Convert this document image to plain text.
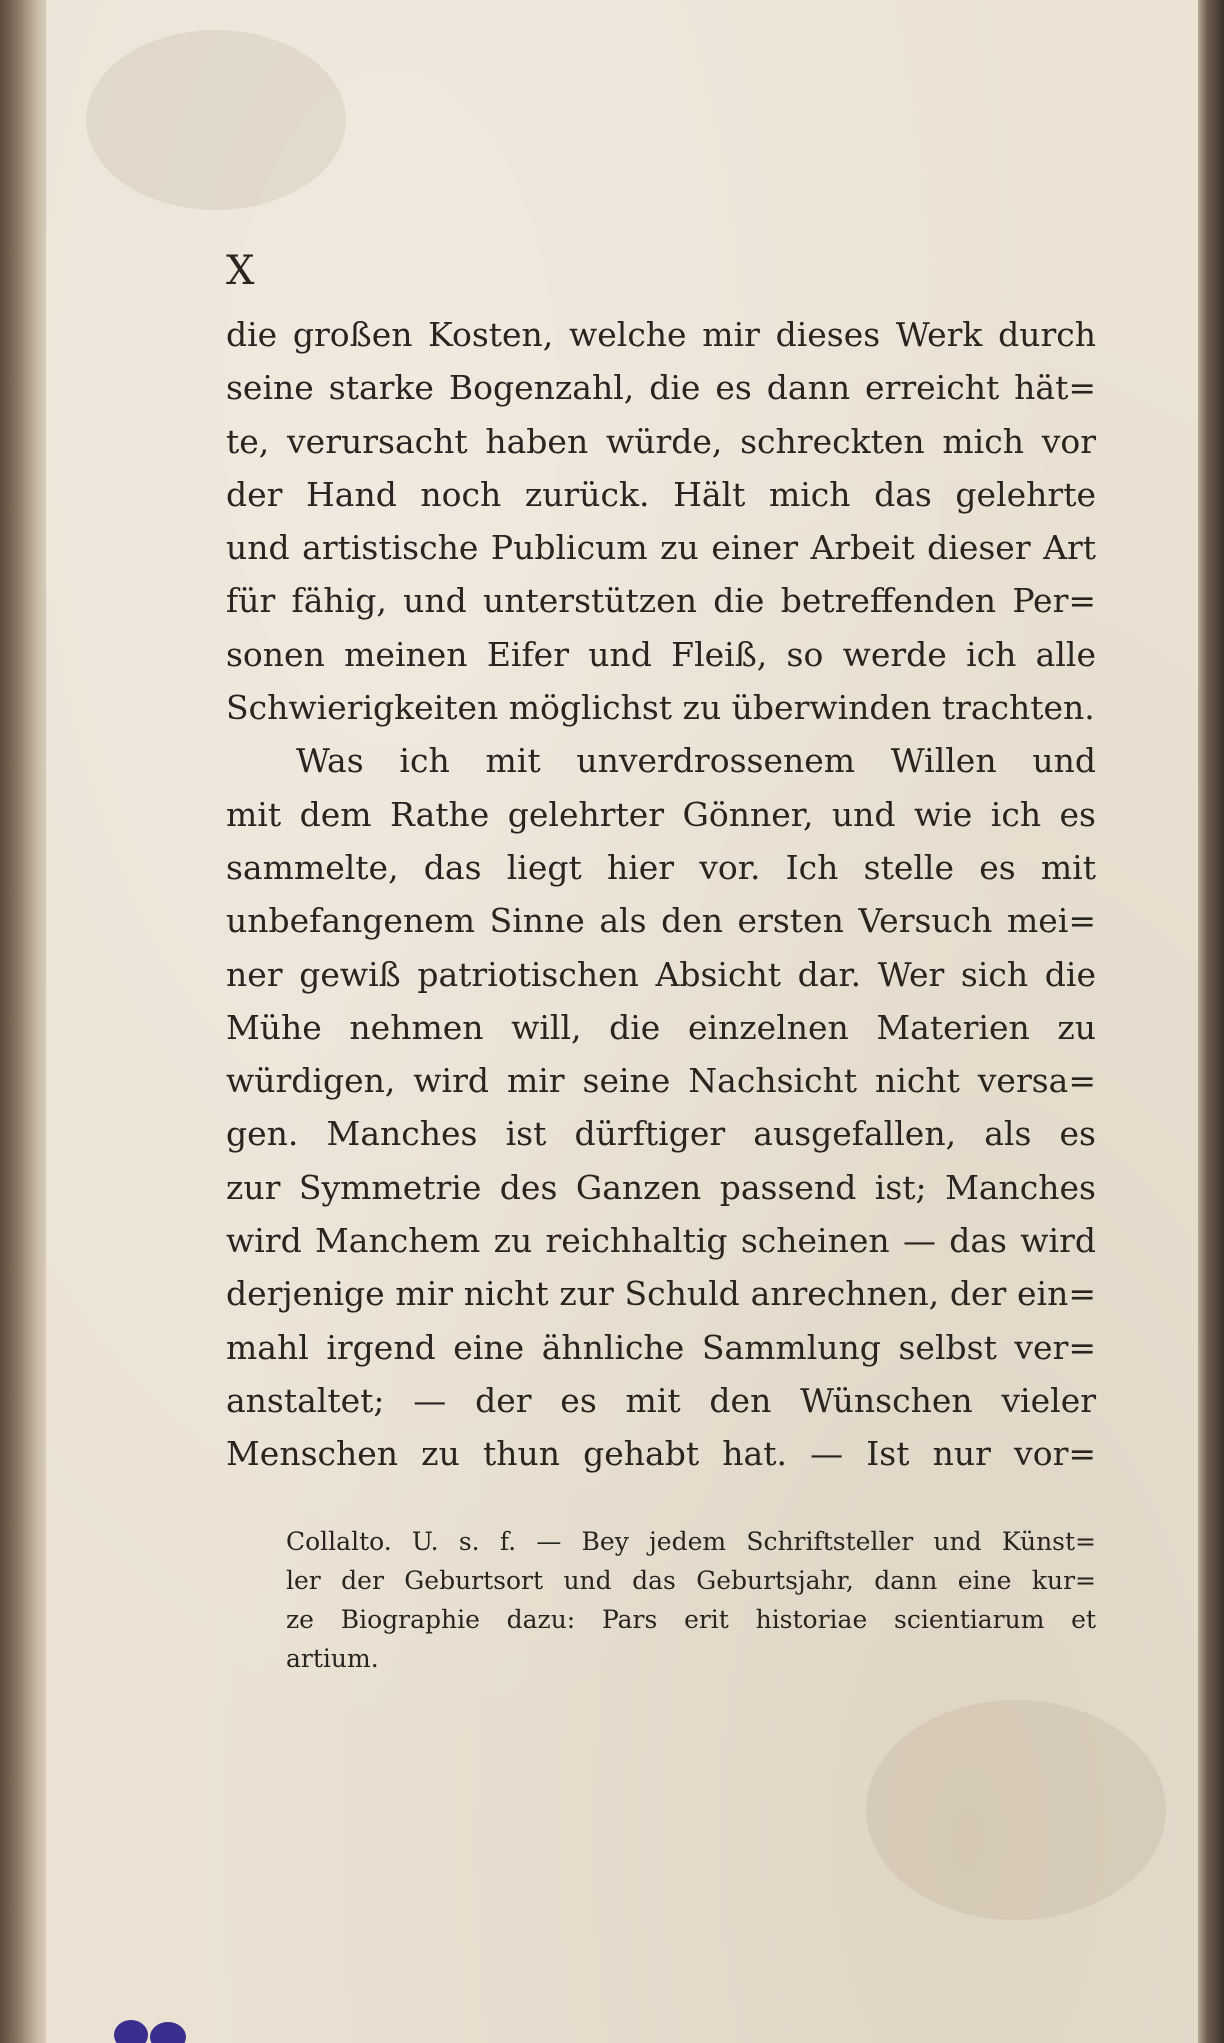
X
die großen Kosten, welche mir dieses Werk durch
seine starke Bogenzahl, die es dann erreicht hät=
te, verursacht haben würde, schreckten mich vor
der Hand noch zurück. Hält mich das gelehrte
und artistische Publicum zu einer Arbeit dieser Art
für fähig, und unterstützen die betreffenden Per=
sonen meinen Eifer und Fleiß, so werde ich alle
Schwierigkeiten möglichst zu überwinden trachten.
Was ich mit unverdrossenem Willen und
mit dem Rathe gelehrter Gönner, und wie ich es
sammelte, das liegt hier vor. Ich stelle es mit
unbefangenem Sinne als den ersten Versuch mei=
ner gewiß patriotischen Absicht dar. Wer sich die
Mühe nehmen will, die einzelnen Materien zu
würdigen, wird mir seine Nachsicht nicht versa=
gen. Manches ist dürftiger ausgefallen, als es
zur Symmetrie des Ganzen passend ist; Manches
wird Manchem zu reichhaltig scheinen — das wird
derjenige mir nicht zur Schuld anrechnen, der ein=
mahl irgend eine ähnliche Sammlung selbst ver=
anstaltet; — der es mit den Wünschen vieler
Menschen zu thun gehabt hat. — Ist nur vor=
Collalto. U. s. f. — Bey jedem Schriftsteller und Künst=
ler der Geburtsort und das Geburtsjahr, dann eine kur=
ze Biographie dazu: Pars erit historiae scientiarum et
artium.
